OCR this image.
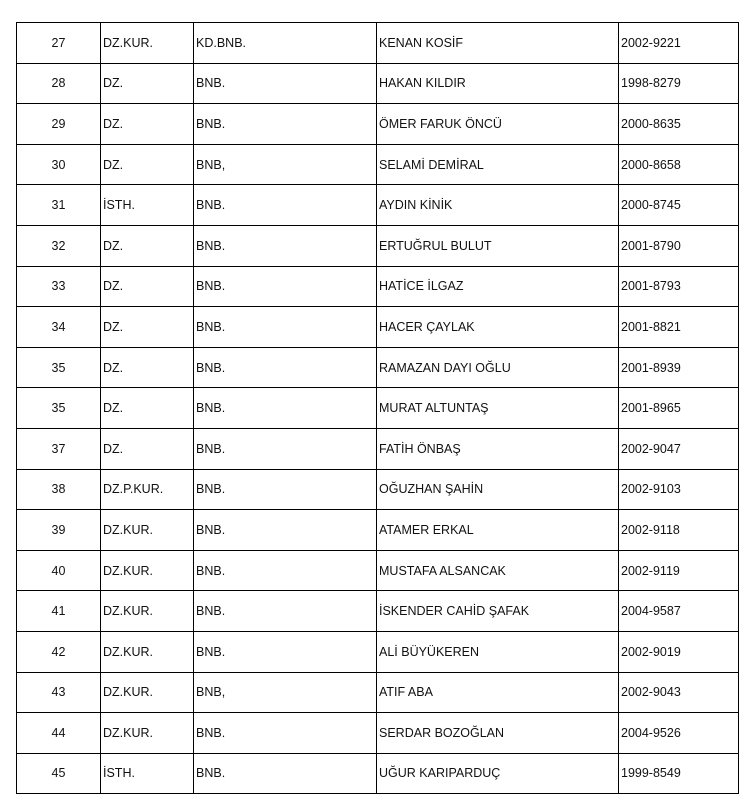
27	DZ.KUR.	KD.BNB.	KENAN KOSİF	2002-9221
28	DZ.	BNB.	HAKAN KILDIR	1998-8279
29	DZ.	BNB.	ÖMER FARUK ÖNCÜ	2000-8635
30	DZ.	BNB,	SELAMİ DEMİRAL	2000-8658
31	İSTH.	BNB.	AYDIN KİNİK	2000-8745
32	DZ.	BNB.	ERTUĞRUL BULUT	2001-8790
33	DZ.	BNB.	HATİCE İLGAZ	2001-8793
34	DZ.	BNB.	HACER ÇAYLAK	2001-8821
35	DZ.	BNB.	RAMAZAN DAYI OĞLU	2001-8939
35	DZ.	BNB.	MURAT ALTUNTAŞ	2001-8965
37	DZ.	BNB.	FATİH ÖNBAŞ	2002-9047
38	DZ.P.KUR.	BNB.	OĞUZHAN ŞAHİN	2002-9103
39	DZ.KUR.	BNB.	ATAMER ERKAL	2002-9118
40	DZ.KUR.	BNB.	MUSTAFA ALSANCAK	2002-9119
41	DZ.KUR.	BNB.	İSKENDER CAHİD ŞAFAK	2004-9587
42	DZ.KUR.	BNB.	ALİ BÜYÜKEREN	2002-9019
43	DZ.KUR.	BNB,	ATIF ABA	2002-9043
44	DZ.KUR.	BNB.	SERDAR BOZOĞLAN	2004-9526
45	İSTH.	BNB.	UĞUR KARIPARDUÇ	1999-8549
